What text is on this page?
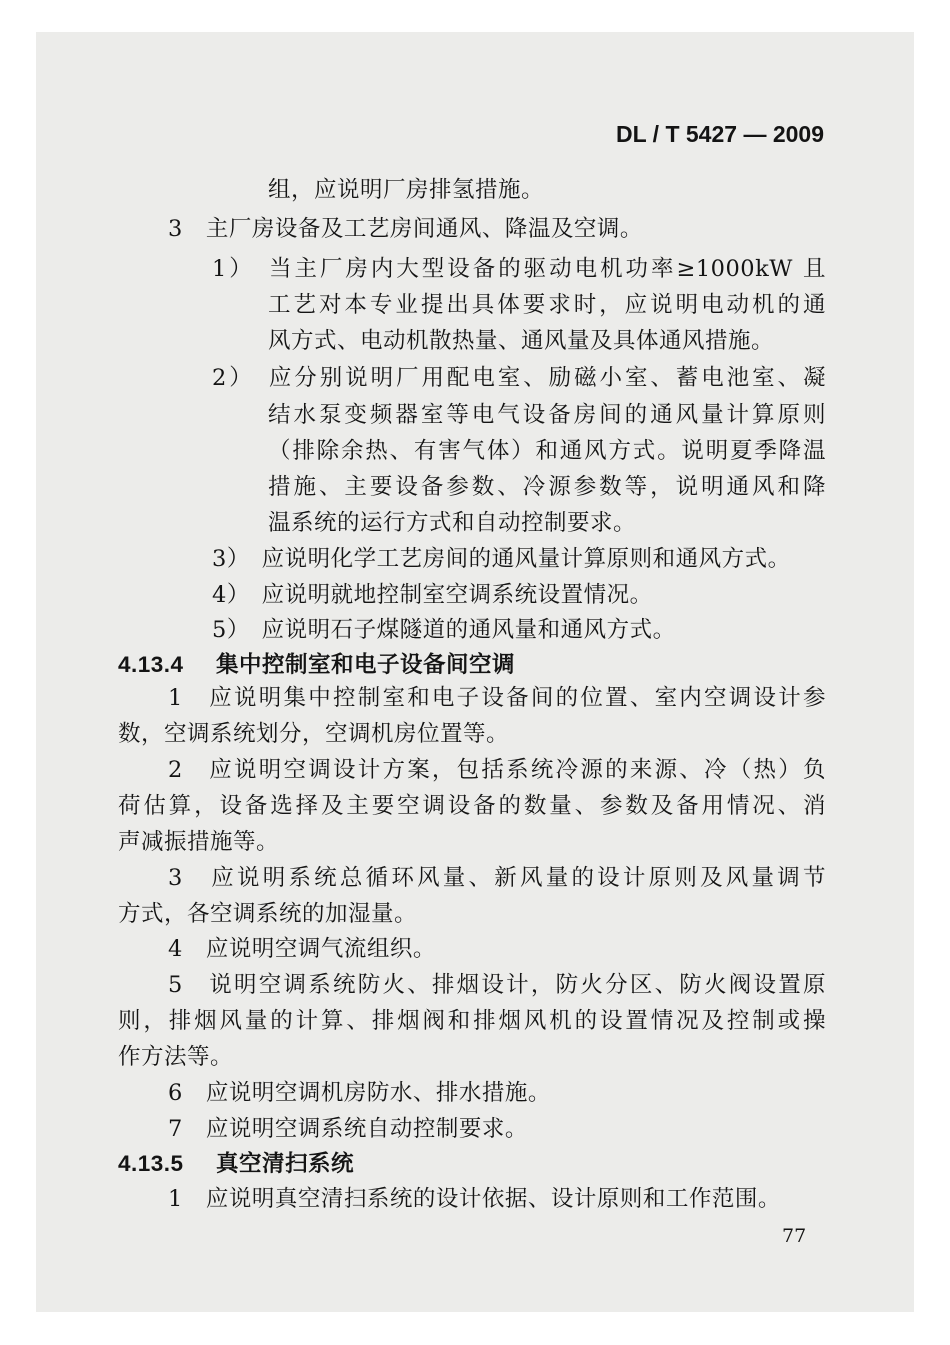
DL / T 5427 — 2009
组，应说明厂房排氢措施。
3　主厂房设备及工艺房间通风、降温及空调。
1）　当主厂房内大型设备的驱动电机功率≥1000kW 且
工艺对本专业提出具体要求时，应说明电动机的通
风方式、电动机散热量、通风量及具体通风措施。
2）　应分别说明厂用配电室、励磁小室、蓄电池室、凝
结水泵变频器室等电气设备房间的通风量计算原则
（排除余热、有害气体）和通风方式。说明夏季降温
措施、主要设备参数、冷源参数等，说明通风和降
温系统的运行方式和自动控制要求。
3）　应说明化学工艺房间的通风量计算原则和通风方式。
4）　应说明就地控制室空调系统设置情况。
5）　应说明石子煤隧道的通风量和通风方式。
4.13.4 集中控制室和电子设备间空调
1　应说明集中控制室和电子设备间的位置、室内空调设计参
数，空调系统划分，空调机房位置等。
2　应说明空调设计方案，包括系统冷源的来源、冷（热）负
荷估算，设备选择及主要空调设备的数量、参数及备用情况、消
声减振措施等。
3　应说明系统总循环风量、新风量的设计原则及风量调节
方式，各空调系统的加湿量。
4　应说明空调气流组织。
5　说明空调系统防火、排烟设计，防火分区、防火阀设置原
则，排烟风量的计算、排烟阀和排烟风机的设置情况及控制或操
作方法等。
6　应说明空调机房防水、排水措施。
7　应说明空调系统自动控制要求。
4.13.5 真空清扫系统
1　应说明真空清扫系统的设计依据、设计原则和工作范围。
77
